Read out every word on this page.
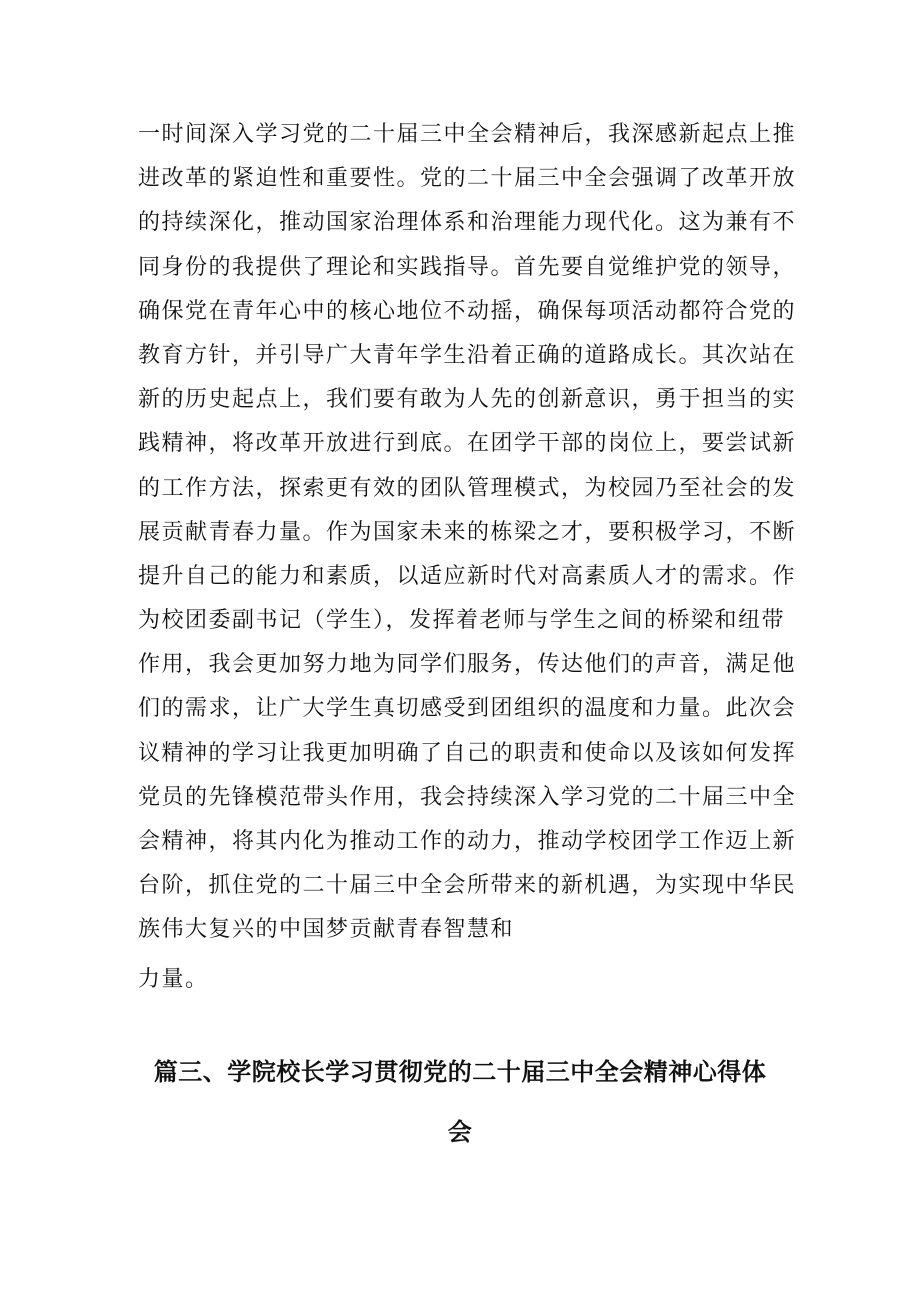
一时间深入学习党的二十届三中全会精神后，我深感新起点上推
进改革的紧迫性和重要性。党的二十届三中全会强调了改革开放
的持续深化，推动国家治理体系和治理能力现代化。这为兼有不
同身份的我提供了理论和实践指导。首先要自觉维护党的领导，
确保党在青年心中的核心地位不动摇，确保每项活动都符合党的
教育方针，并引导广大青年学生沿着正确的道路成长。其次站在
新的历史起点上，我们要有敢为人先的创新意识，勇于担当的实
践精神，将改革开放进行到底。在团学干部的岗位上，要尝试新
的工作方法，探索更有效的团队管理模式，为校园乃至社会的发
展贡献青春力量。作为国家未来的栋梁之才，要积极学习，不断
提升自己的能力和素质，以适应新时代对高素质人才的需求。作
为校团委副书记（学生），发挥着老师与学生之间的桥梁和纽带
作用，我会更加努力地为同学们服务，传达他们的声音，满足他
们的需求，让广大学生真切感受到团组织的温度和力量。此次会
议精神的学习让我更加明确了自己的职责和使命以及该如何发挥
党员的先锋模范带头作用，我会持续深入学习党的二十届三中全
会精神，将其内化为推动工作的动力，推动学校团学工作迈上新
台阶，抓住党的二十届三中全会所带来的新机遇，为实现中华民
族伟大复兴的中国梦贡献青春智慧和
力量。
篇三、学院校长学习贯彻党的二十届三中全会精神心得体
会
